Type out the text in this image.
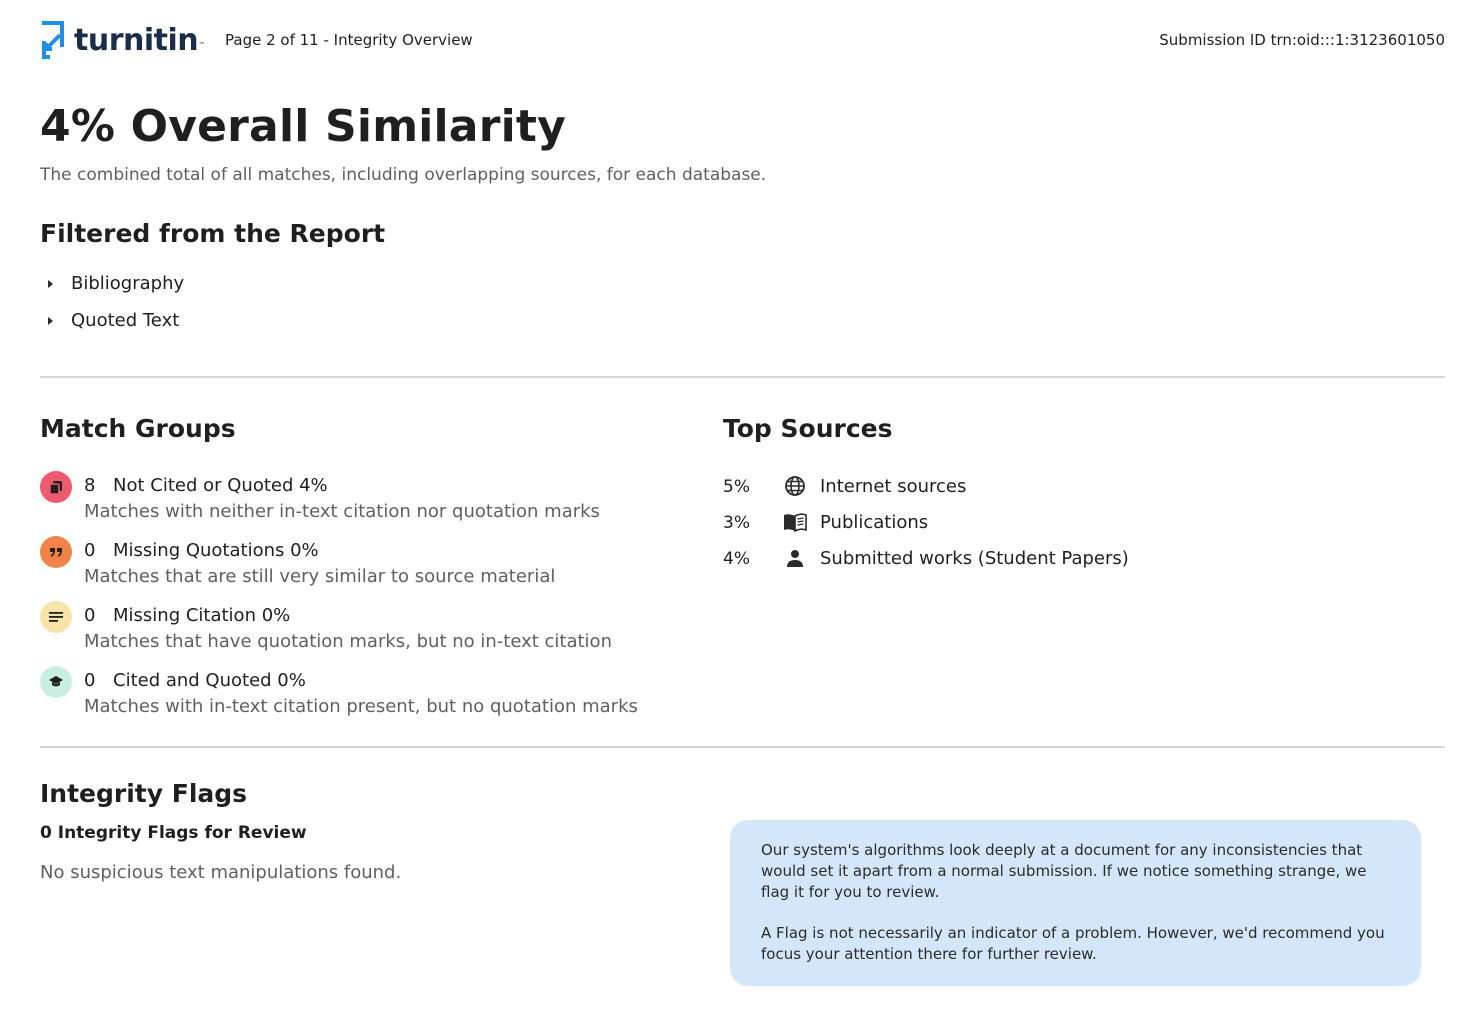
turnitin ™ Page 2 of 11 - Integrity Overview	Submission ID trn:oid:::1:3123601050
4% Overall Similarity
The combined total of all matches, including overlapping sources, for each database.
Filtered from the Report
Bibliography
Quoted Text
Match Groups
8 Not Cited or Quoted 4%
Matches with neither in-text citation nor quotation marks
0 Missing Quotations 0%
Matches that are still very similar to source material
0 Missing Citation 0%
Matches that have quotation marks, but no in-text citation
0 Cited and Quoted 0%
Matches with in-text citation present, but no quotation marks
Top Sources
5%	Internet sources
3%	Publications
4%	Submitted works (Student Papers)
Integrity Flags
0 Integrity Flags for Review
No suspicious text manipulations found.

Our system's algorithms look deeply at a document for any inconsistencies that would set it apart from a normal submission. If we notice something strange, we flag it for you to review.

A Flag is not necessarily an indicator of a problem. However, we'd recommend you focus your attention there for further review.
